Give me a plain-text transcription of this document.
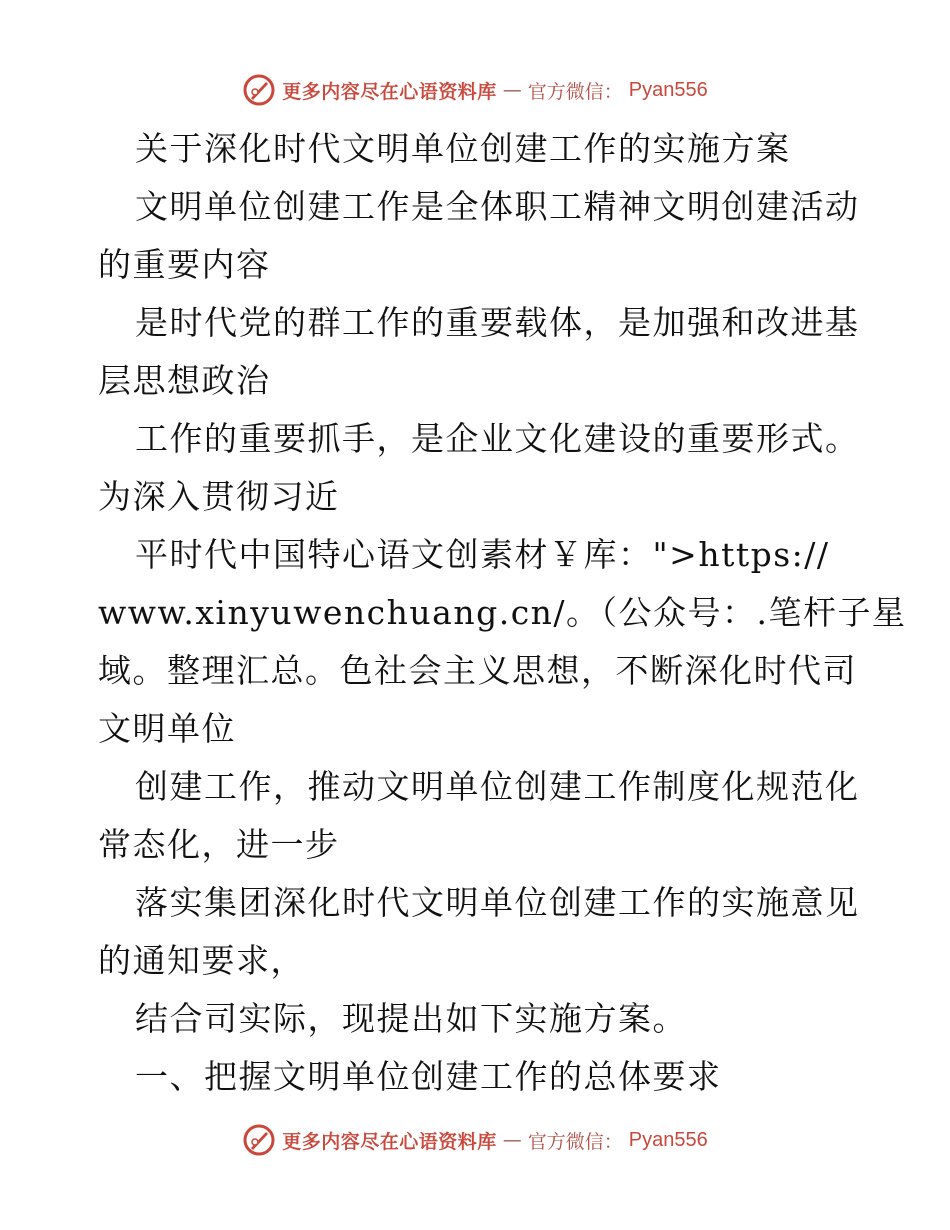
更多内容尽在心语资料库 — 官方微信： Pyan556
关于深化时代文明单位创建工作的实施方案
文明单位创建工作是全体职工精神文明创建活动
的重要内容
是时代党的群工作的重要载体，是加强和改进基
层思想政治
工作的重要抓手，是企业文化建设的重要形式。
为深入贯彻习近
平时代中国特心语文创素材￥库：">https://
www.xinyuwenchuang.cn/。（公众号：.笔杆子星
域。整理汇总。色社会主义思想，不断深化时代司
文明单位
创建工作，推动文明单位创建工作制度化规范化
常态化，进一步
落实集团深化时代文明单位创建工作的实施意见
的通知要求，
结合司实际，现提出如下实施方案。
一、把握文明单位创建工作的总体要求
更多内容尽在心语资料库 — 官方微信： Pyan556
